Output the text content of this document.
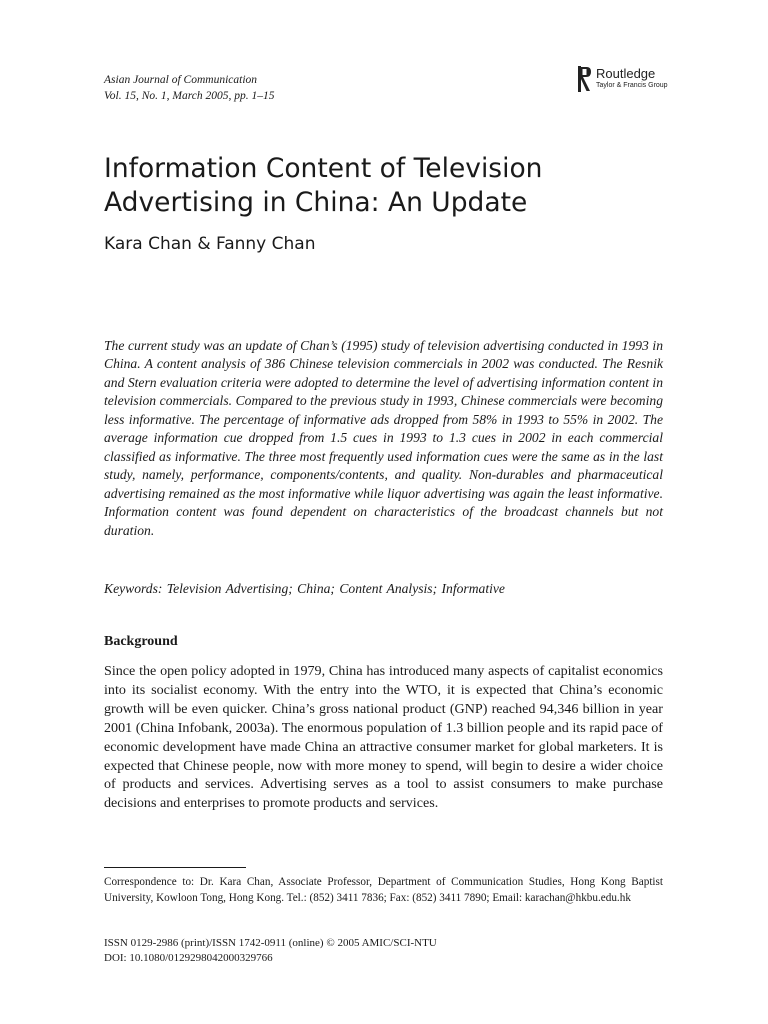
Asian Journal of Communication
Vol. 15, No. 1, March 2005, pp. 1–15
Routledge
Taylor & Francis Group
Information Content of Television Advertising in China: An Update
Kara Chan & Fanny Chan

The current study was an update of Chan’s (1995) study of television advertising conducted in 1993 in China. A content analysis of 386 Chinese television commercials in 2002 was conducted. The Resnik and Stern evaluation criteria were adopted to determine the level of advertising information content in television commercials. Compared to the previous study in 1993, Chinese commercials were becoming less informative. The percentage of informative ads dropped from 58% in 1993 to 55% in 2002. The average information cue dropped from 1.5 cues in 1993 to 1.3 cues in 2002 in each commercial classified as informative. The three most frequently used information cues were the same as in the last study, namely, performance, components/contents, and quality. Non-durables and pharmaceutical advertising remained as the most informative while liquor advertising was again the least informative. Information content was found dependent on characteristics of the broadcast channels but not duration.

Keywords: Television Advertising; China; Content Analysis; Informative
Background

Since the open policy adopted in 1979, China has introduced many aspects of capitalist economics into its socialist economy. With the entry into the WTO, it is expected that China’s economic growth will be even quicker. China’s gross national product (GNP) reached 94,346 billion in year 2001 (China Infobank, 2003a). The enormous population of 1.3 billion people and its rapid pace of economic development have made China an attractive consumer market for global marketers. It is expected that Chinese people, now with more money to spend, will begin to desire a wider choice of products and services. Advertising serves as a tool to assist consumers to make purchase decisions and enterprises to promote products and services.

Correspondence to: Dr. Kara Chan, Associate Professor, Department of Communication Studies, Hong Kong Baptist University, Kowloon Tong, Hong Kong. Tel.: (852) 3411 7836; Fax: (852) 3411 7890; Email: karachan@hkbu.edu.hk

ISSN 0129-2986 (print)/ISSN 1742-0911 (online) © 2005 AMIC/SCI-NTU
DOI: 10.1080/0129298042000329766
